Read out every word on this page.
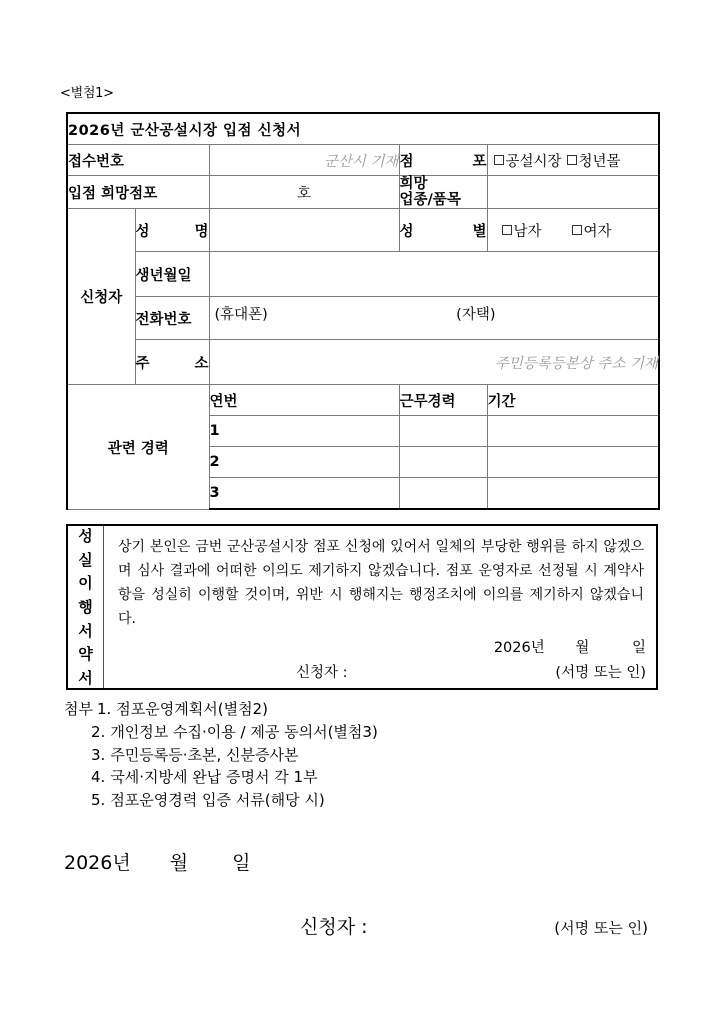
<별첨1>
2026년 군산공설시장 입점 신청서				
접수번호		군산시 기재	점 포	공설시장 청년몰

입점 희망점포		호	희망
업종/품목	

신청자	성 명		성 별	남자 여자

	생년월일			
	전화번호	(휴대폰) (자택)		

	주 소	주민등록등본상 주소 기재		

관련 경력		연번	근무경력	기간
		1		
		2		
		3		
성
실
이
행
서
약
서

상기 본인은 금번 군산공설시장 점포 신청에 있어서 일체의 부당한 행위를 하지 않겠으며 심사 결과에 어떠한 이의도 제기하지 않겠습니다. 점포 운영자로 선정될 시 계약사항을 성실히 이행할 것이며, 위반 시 행해지는 행정조치에 이의를 제기하지 않겠습니다.

2026년 월	일
신청자 :	(서명 또는 인)
첨부 1. 점포운영계획서(별첨2)
2. 개인정보 수집·이용 / 제공 동의서(별첨3)
3. 주민등록등·초본, 신분증사본
4. 국세·지방세 완납 증명서 각 1부
5. 점포운영경력 입증 서류(해당 시)
2026년 월 일
신청자 :	(서명 또는 인)
